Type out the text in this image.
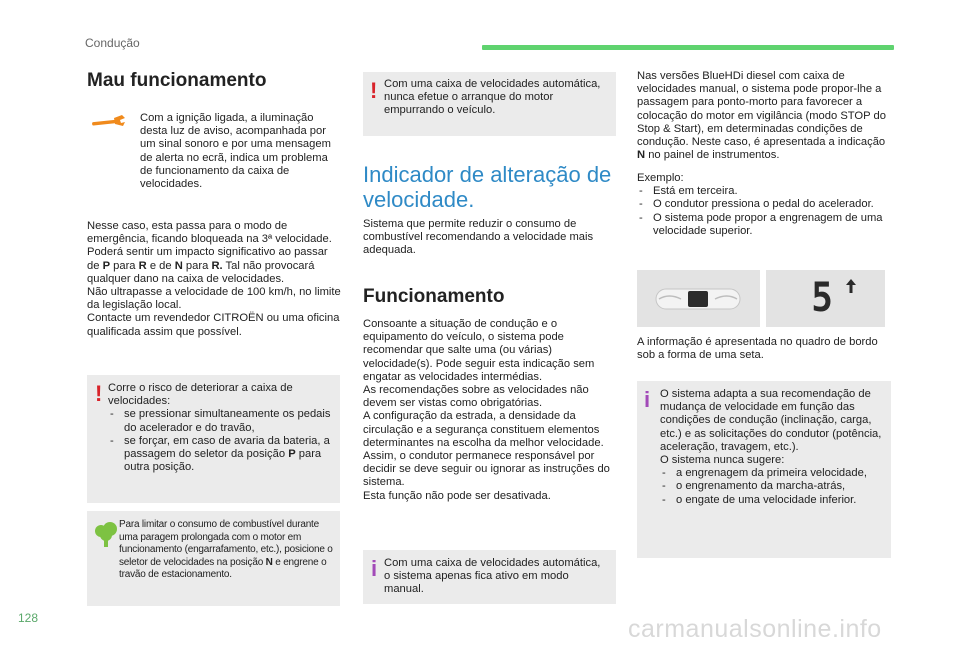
Condução
128	carmanualsonline.info
Mau funcionamento
Com a ignição ligada, a iluminação desta luz de aviso, acompanhada por um sinal sonoro e por uma mensagem de alerta no ecrã, indica um problema de funcionamento da caixa de velocidades.

Nesse caso, esta passa para o modo de emergência, ficando bloqueada na 3ª velocidade. Poderá sentir um impacto significativo ao passar de P para R e de N para R. Tal não provocará qualquer dano na caixa de velocidades.

Não ultrapasse a velocidade de 100 km/h, no limite da legislação local.

Contacte um revendedor CITROËN ou uma oficina qualificada assim que possível.

! Corre o risco de deteriorar a caixa de velocidades:

- se pressionar simultaneamente os pedais do acelerador e do travão,
- se forçar, em caso de avaria da bateria, a passagem do seletor da posição P para outra posição.
Para limitar o consumo de combustível durante uma paragem prolongada com o motor em funcionamento (engarrafamento, etc.), posicione o seletor de velocidades na posição N e engrene o travão de estacionamento.
! Com uma caixa de velocidades automática, nunca efetue o arranque do motor empurrando o veículo.
Indicador de alteração de velocidade.
Sistema que permite reduzir o consumo de combustível recomendando a velocidade mais adequada.
Funcionamento

Consoante a situação de condução e o equipamento do veículo, o sistema pode recomendar que salte uma (ou várias) velocidade(s). Pode seguir esta indicação sem engatar as velocidades intermédias.

As recomendações sobre as velocidades não devem ser vistas como obrigatórias.

A configuração da estrada, a densidade da circulação e a segurança constituem elementos determinantes na escolha da melhor velocidade. Assim, o condutor permanece responsável por decidir se deve seguir ou ignorar as instruções do sistema.

Esta função não pode ser desativada.

i Com uma caixa de velocidades automática, o sistema apenas fica ativo em modo manual.

Nas versões BlueHDi diesel com caixa de velocidades manual, o sistema pode propor-lhe a passagem para ponto-morto para favorecer a colocação do motor em vigilância (modo STOP do Stop & Start), em determinadas condições de condução. Neste caso, é apresentada a indicação N no painel de instrumentos.

Exemplo:

- Está em terceira.
- O condutor pressiona o pedal do acelerador.
- O sistema pode propor a engrenagem de uma velocidade superior.
5
A informação é apresentada no quadro de bordo sob a forma de uma seta.
i O sistema adapta a sua recomendação de mudança de velocidade em função das condições de condução (inclinação, carga, etc.) e as solicitações do condutor (potência, aceleração, travagem, etc.).

O sistema nunca sugere:

- a engrenagem da primeira velocidade,
- o engrenamento da marcha-atrás,
- o engate de uma velocidade inferior.
